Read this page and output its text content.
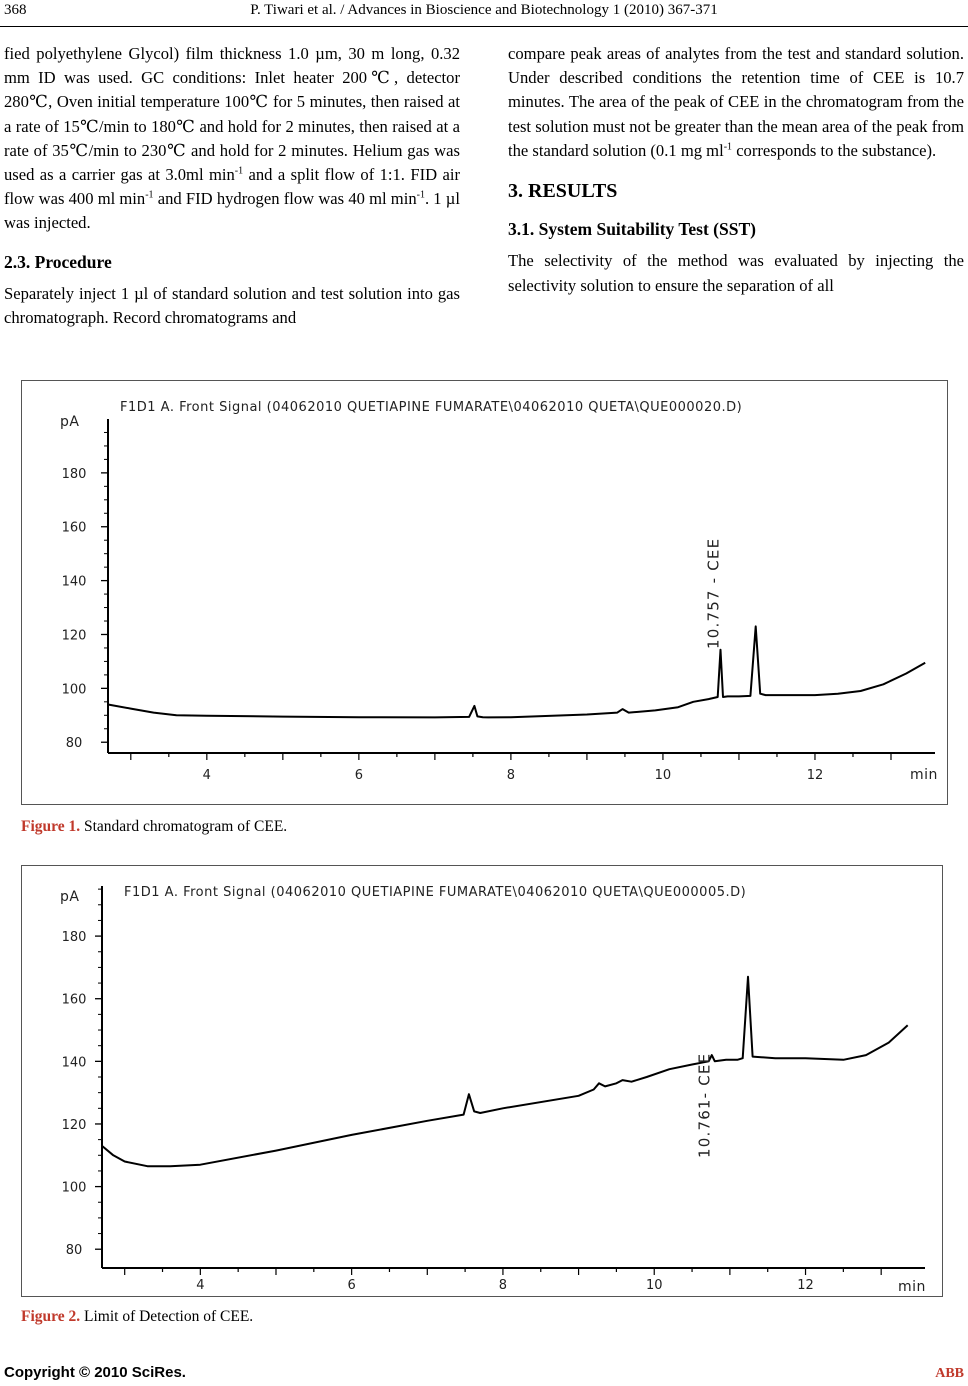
368	P. Tiwari et al. / Advances in Bioscience and Biotechnology 1 (2010) 367-371

fied polyethylene Glycol) film thickness 1.0 µm, 30 m long, 0.32 mm ID was used. GC conditions: Inlet heater 200℃, detector 280℃, Oven initial temperature 100℃ for 5 minutes, then raised at a rate of 15℃/min to 180℃ and hold for 2 minutes, then raised at a rate of 35℃/min to 230℃ and hold for 2 minutes. Helium gas was used as a carrier gas at 3.0ml $\min^{-1}$ and a split flow of 1:1. FID air flow was 400 ml $\min^{-1}$ and FID hydrogen flow was 40 ml $\min^{-1}$. 1 µl was injected.

2.3. Procedure

Separately inject 1 µl of standard solution and test solution into gas chromatograph. Record chromatograms and

compare peak areas of analytes from the test and standard solution. Under described conditions the retention time of CEE is 10.7 minutes. The area of the peak of CEE in the chromatogram from the test solution must not be greater than the mean area of the peak from the standard solution (0.1 mg $ml^{-1}$ corresponds to the substance).

3. RESULTS

3.1. System Suitability Test (SST)

The selectivity of the method was evaluated by injecting the selectivity solution to ensure the separation of all

F1D1 A. Front Signal (04062010 QUETIAPINE FUMARATE\04062010 QUETA\QUE000020.D)
pA
80
100
120
140
160
180
4	6	8	10	12	min
10.757 - CEE
Figure 1. Standard chromatogram of CEE.
F1D1 A. Front Signal (04062010 QUETIAPINE FUMARATE\04062010 QUETA\QUE000005.D)
pA
80
100
120
140
160
180
4	6	8	10	12	min
10.761- CEE
Figure 2. Limit of Detection of CEE.
Copyright © 2010 SciRes.	ABB
